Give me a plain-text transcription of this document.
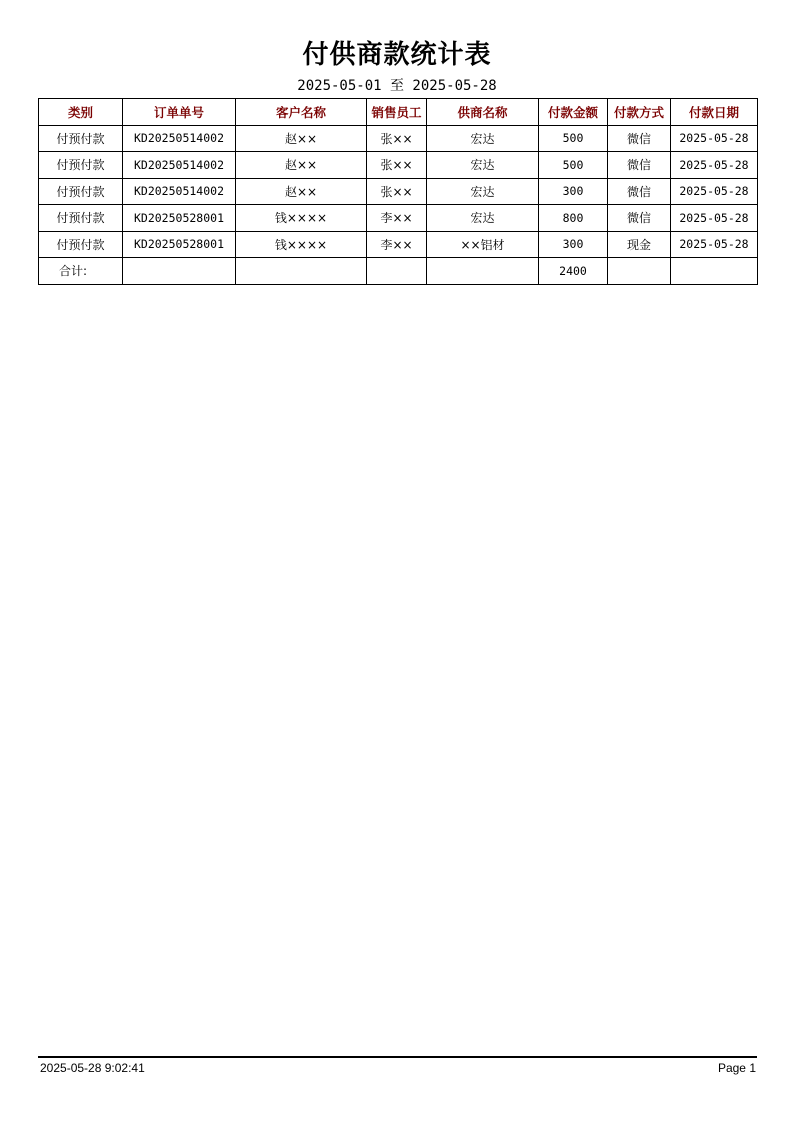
付供商款统计表
2025-05-01 至 2025-05-28
类别	订单单号	客户名称	销售员工	供商名称	付款金额	付款方式	付款日期
付预付款	KD20250514002	赵××	张××	宏达	500	微信	2025-05-28
付预付款	KD20250514002	赵××	张××	宏达	500	微信	2025-05-28
付预付款	KD20250514002	赵××	张××	宏达	300	微信	2025-05-28
付预付款	KD20250528001	钱××××	李××	宏达	800	微信	2025-05-28
付预付款	KD20250528001	钱××××	李××	××铝材	300	现金	2025-05-28
合计:					2400		
2025-05-28 9:02:41	Page 1
